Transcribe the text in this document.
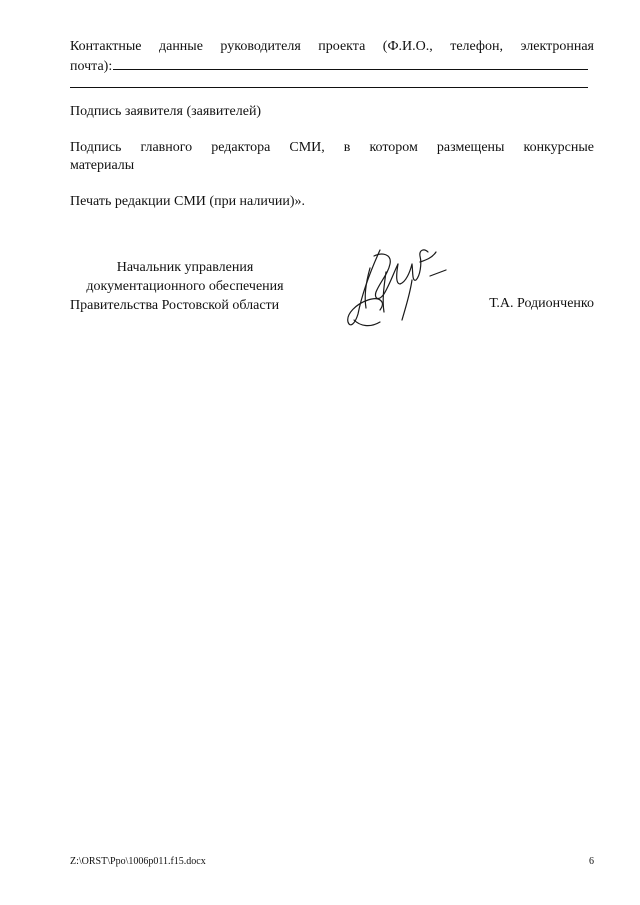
Контактные данные руководителя проекта (Ф.И.О., телефон, электронная
почта):
Подпись заявителя (заявителей)
Подпись главного редактора СМИ, в котором размещены конкурсные
материалы
Печать редакции СМИ (при наличии)».
Начальник управления
документационного обеспечения
Правительства Ростовской области	Т.А. Родионченко
Z:\ORST\Ppo\1006p011.f15.docx	6
